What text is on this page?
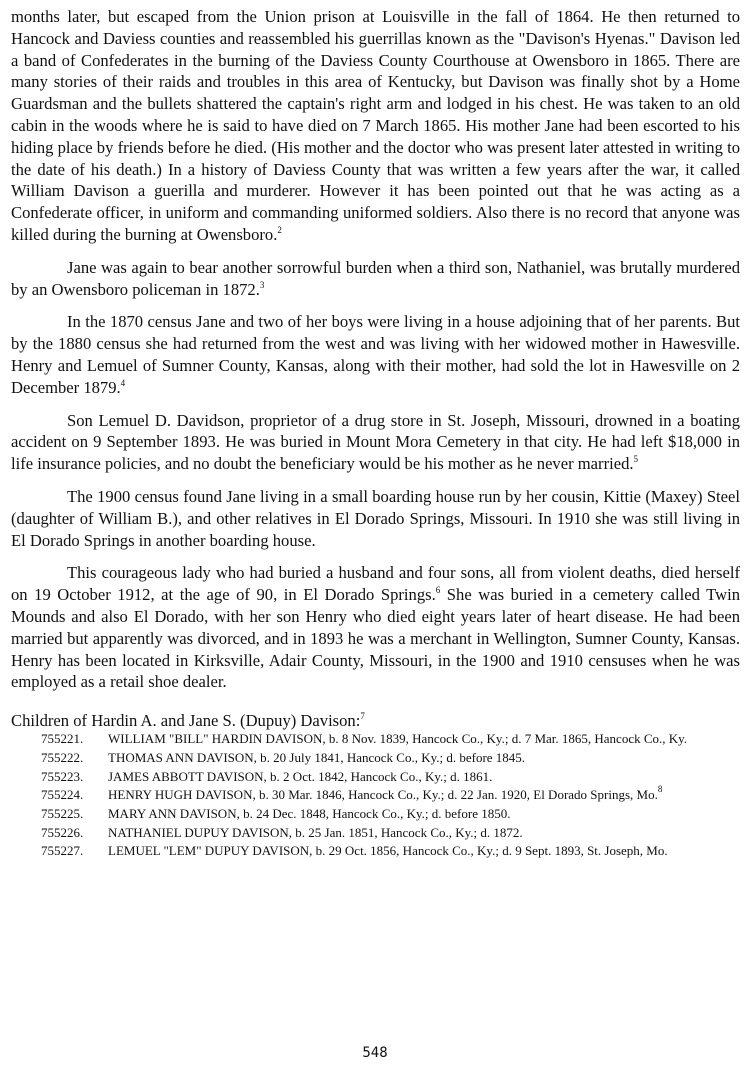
months later, but escaped from the Union prison at Louisville in the fall of 1864. He then returned to Hancock and Daviess counties and reassembled his guerrillas known as the "Davison's Hyenas." Davison led a band of Confederates in the burning of the Daviess County Courthouse at Owensboro in 1865. There are many stories of their raids and troubles in this area of Kentucky, but Davison was finally shot by a Home Guardsman and the bullets shattered the captain's right arm and lodged in his chest. He was taken to an old cabin in the woods where he is said to have died on 7 March 1865. His mother Jane had been escorted to his hiding place by friends before he died. (His mother and the doctor who was present later attested in writing to the date of his death.) In a history of Daviess County that was written a few years after the war, it called William Davison a guerilla and murderer. However it has been pointed out that he was acting as a Confederate officer, in uniform and commanding uniformed soldiers. Also there is no record that anyone was killed during the burning at Owensboro.$^2$

Jane was again to bear another sorrowful burden when a third son, Nathaniel, was brutally murdered by an Owensboro policeman in 1872.$^3$

In the 1870 census Jane and two of her boys were living in a house adjoining that of her parents. But by the 1880 census she had returned from the west and was living with her widowed mother in Hawesville. Henry and Lemuel of Sumner County, Kansas, along with their mother, had sold the lot in Hawesville on 2 December 1879.$^4$

Son Lemuel D. Davidson, proprietor of a drug store in St. Joseph, Missouri, drowned in a boating accident on 9 September 1893. He was buried in Mount Mora Cemetery in that city. He had left $18,000 in life insurance policies, and no doubt the beneficiary would be his mother as he never married.$^5$

The 1900 census found Jane living in a small boarding house run by her cousin, Kittie (Maxey) Steel (daughter of William B.), and other relatives in El Dorado Springs, Missouri. In 1910 she was still living in El Dorado Springs in another boarding house.

This courageous lady who had buried a husband and four sons, all from violent deaths, died herself on 19 October 1912, at the age of 90, in El Dorado Springs.$^6$ She was buried in a cemetery called Twin Mounds and also El Dorado, with her son Henry who died eight years later of heart disease. He had been married but apparently was divorced, and in 1893 he was a merchant in Wellington, Sumner County, Kansas. Henry has been located in Kirksville, Adair County, Missouri, in the 1900 and 1910 censuses when he was employed as a retail shoe dealer.

Children of Hardin A. and Jane S. (Dupuy) Davison:$^7$
755221.	WILLIAM "BILL" HARDIN DAVISON, b. 8 Nov. 1839, Hancock Co., Ky.; d. 7 Mar. 1865, Hancock Co., Ky.
755222.	THOMAS ANN DAVISON, b. 20 July 1841, Hancock Co., Ky.; d. before 1845.
755223.	JAMES ABBOTT DAVISON, b. 2 Oct. 1842, Hancock Co., Ky.; d. 1861.
755224.	HENRY HUGH DAVISON, b. 30 Mar. 1846, Hancock Co., Ky.; d. 22 Jan. 1920, El Dorado Springs, Mo.$^8$
755225.	MARY ANN DAVISON, b. 24 Dec. 1848, Hancock Co., Ky.; d. before 1850.
755226.	NATHANIEL DUPUY DAVISON, b. 25 Jan. 1851, Hancock Co., Ky.; d. 1872.
755227.	LEMUEL "LEM" DUPUY DAVISON, b. 29 Oct. 1856, Hancock Co., Ky.; d. 9 Sept. 1893, St. Joseph, Mo.
548
